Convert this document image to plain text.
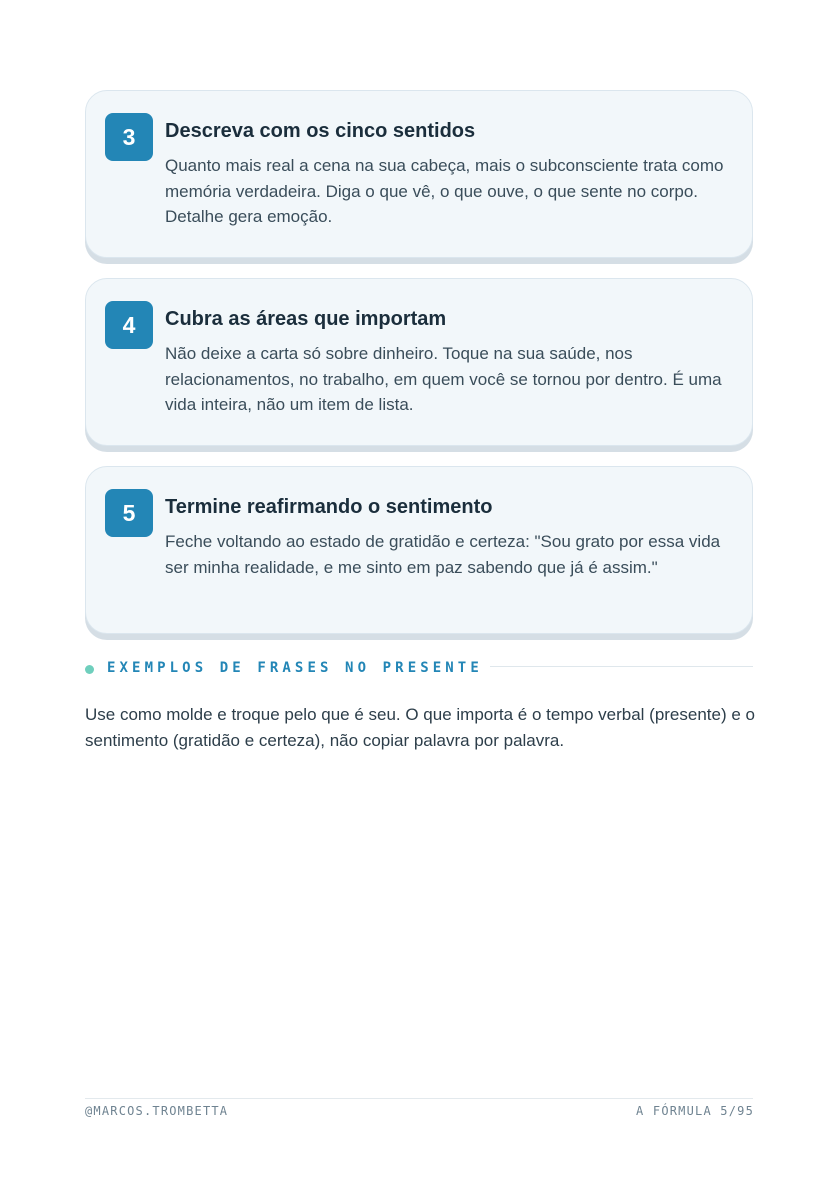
3	Descreva com os cinco sentidos

Quanto mais real a cena na sua cabeça, mais o subconsciente trata como memória verdadeira. Diga o que vê, o que ouve, o que sente no corpo. Detalhe gera emoção.

4	Cubra as áreas que importam

Não deixe a carta só sobre dinheiro. Toque na sua saúde, nos relacionamentos, no trabalho, em quem você se tornou por dentro. É uma vida inteira, não um item de lista.

5	Termine reafirmando o sentimento

Feche voltando ao estado de gratidão e certeza: "Sou grato por essa vida ser minha realidade, e me sinto em paz sabendo que já é assim."

EXEMPLOS DE FRASES NO PRESENTE

Use como molde e troque pelo que é seu. O que importa é o tempo verbal (presente) e o sentimento (gratidão e certeza), não copiar palavra por palavra.

@MARCOS.TROMBETTA	A FÓRMULA 5/95
